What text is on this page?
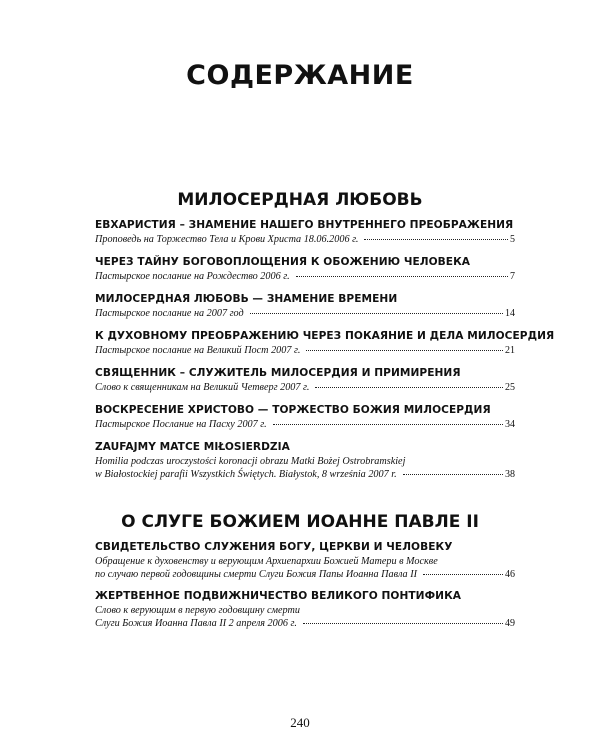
СОДЕРЖАНИЕ
МИЛОСЕРДНАЯ ЛЮБОВЬ
ЕВХАРИСТИЯ – ЗНАМЕНИЕ НАШЕГО ВНУТРЕННЕГО ПРЕОБРАЖЕНИЯ
Проповедь на Торжество Тела и Крови Христа 18.06.2006 г.	5
ЧЕРЕЗ ТАЙНУ БОГОВОПЛОЩЕНИЯ К ОБОЖЕНИЮ ЧЕЛОВЕКА
Пастырское послание на Рождество 2006 г.	7
МИЛОСЕРДНАЯ ЛЮБОВЬ — ЗНАМЕНИЕ ВРЕМЕНИ
Пастырское послание на 2007 год	14
К ДУХОВНОМУ ПРЕОБРАЖЕНИЮ ЧЕРЕЗ ПОКАЯНИЕ И ДЕЛА МИЛОСЕРДИЯ
Пастырское послание на Великий Пост 2007 г.	21
СВЯЩЕННИК – СЛУЖИТЕЛЬ МИЛОСЕРДИЯ И ПРИМИРЕНИЯ
Слово к священникам на Великий Четверг 2007 г.	25
ВОСКРЕСЕНИЕ ХРИСТОВО — ТОРЖЕСТВО БОЖИЯ МИЛОСЕРДИЯ
Пастырское Послание на Пасху 2007 г.	34
ZAUFAJMY MATCE MIŁOSIERDZIA
Homilia podczas uroczystości koronacji obrazu Matki Bożej Ostrobramskiej
w Białostockiej parafii Wszystkich Świętych. Białystok, 8 września 2007 r.	38
О СЛУГЕ БОЖИЕМ ИОАННЕ ПАВЛЕ II
СВИДЕТЕЛЬСТВО СЛУЖЕНИЯ БОГУ, ЦЕРКВИ И ЧЕЛОВЕКУ
Обращение к духовенству и верующим Архиепархии Божией Матери в Москве
по случаю первой годовщины смерти Слуги Божия Папы Иоанна Павла II	46
ЖЕРТВЕННОЕ ПОДВИЖНИЧЕСТВО ВЕЛИКОГО ПОНТИФИКА
Слово к верующим в первую годовщину смерти
Слуги Божия Иоанна Павла II 2 апреля 2006 г.	49
240
